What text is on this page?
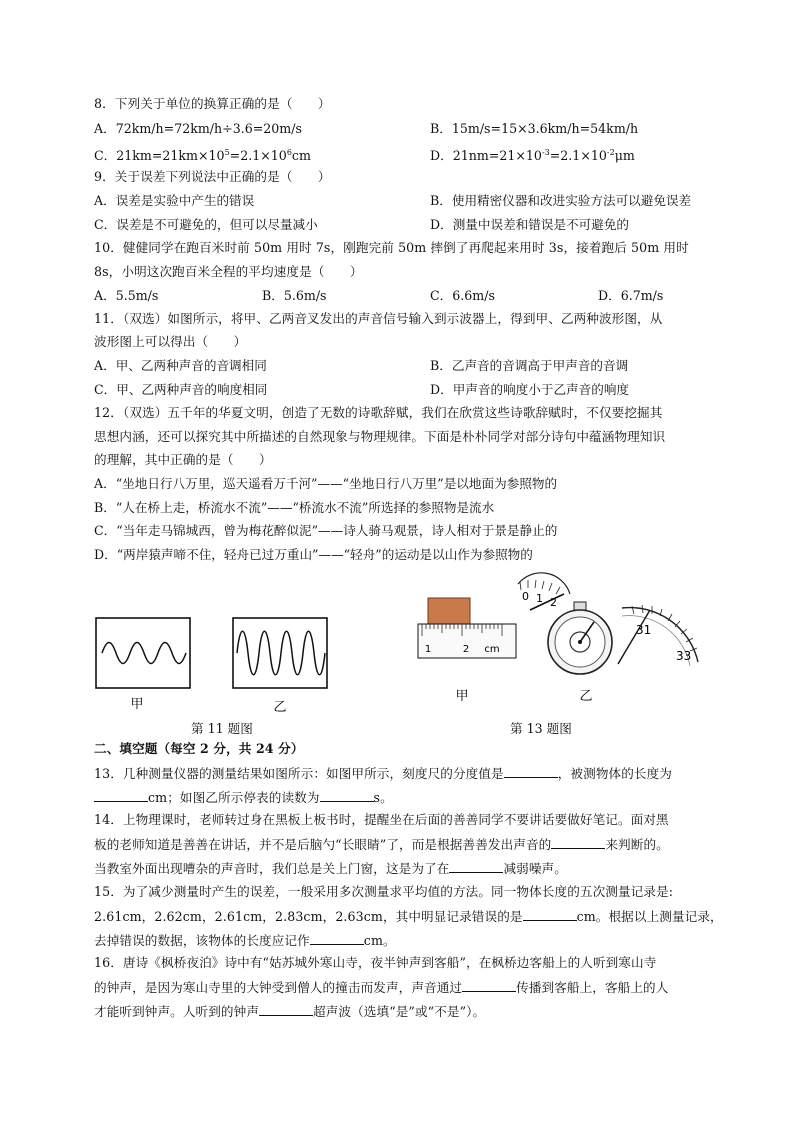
8．下列关于单位的换算正确的是（　　）
A．72km/h=72km/h÷3.6=20m/s	B．15m/s=15×3.6km/h=54km/h
C．$21km=21km\times 10^5=2.1\times 10^6cm$	D．$21nm=21\times 10^{-3}=2.1\times 10^{-2}\mu m$
9．关于误差下列说法中正确的是（　　）
A．误差是实验中产生的错误	B．使用精密仪器和改进实验方法可以避免误差
C．误差是不可避免的，但可以尽量减小	D．测量中误差和错误是不可避免的
10．健健同学在跑百米时前 50m 用时 7s，刚跑完前 50m 摔倒了再爬起来用时 3s，接着跑后 50m 用时
8s，小明这次跑百米全程的平均速度是（　　）
A．5.5m/s	B．5.6m/s	C．6.6m/s	D．6.7m/s
11．（双选）如图所示，将甲、乙两音叉发出的声音信号输入到示波器上，得到甲、乙两种波形图，从
波形图上可以得出（　　）
A．甲、乙两种声音的音调相同	B．乙声音的音调高于甲声音的音调
C．甲、乙两种声音的响度相同	D．甲声音的响度小于乙声音的响度
12．（双选）五千年的华夏文明，创造了无数的诗歌辞赋，我们在欣赏这些诗歌辞赋时，不仅要挖掘其
思想内涵，还可以探究其中所描述的自然现象与物理规律。下面是朴朴同学对部分诗句中蕴涵物理知识
的理解，其中正确的是（　　）
A．“坐地日行八万里，巡天遥看万千河”——“坐地日行八万里”是以地面为参照物的
B．“人在桥上走，桥流水不流”——“桥流水不流”所选择的参照物是流水
C．“当年走马锦城西，曾为梅花醉似泥”——诗人骑马观景，诗人相对于景是静止的
D．“两岸猿声啼不住，轻舟已过万重山”——“轻舟”的运动是以山作为参照物的
甲	乙
第 11 题图
1	2 cm
甲
0 1 2
31
33
乙
第 13 题图
二、填空题（每空 2 分，共 24 分）
13．几种测量仪器的测量结果如图所示：如图甲所示，刻度尺的分度值是	，被测物体的长度为
cm；如图乙所示停表的读数为	s。
14．上物理课时，老师转过身在黑板上板书时，提醒坐在后面的善善同学不要讲话要做好笔记。面对黑
板的老师知道是善善在讲话，并不是后脑勺“长眼睛”了，而是根据善善发出声音的	来判断的。
当教室外面出现嘈杂的声音时，我们总是关上门窗，这是为了在	减弱噪声。
15．为了减少测量时产生的误差，一般采用多次测量求平均值的方法。同一物体长度的五次测量记录是:
2.61cm，2.62cm，2.61cm，2.83cm，2.63cm，其中明显记录错误的是	cm。根据以上测量记录，
去掉错误的数据，该物体的长度应记作	cm。
16．唐诗《枫桥夜泊》诗中有“姑苏城外寒山寺，夜半钟声到客船”，在枫桥边客船上的人听到寒山寺
的钟声，是因为寒山寺里的大钟受到僧人的撞击而发声，声音通过	传播到客船上，客船上的人
才能听到钟声。人听到的钟声	超声波（选填“是”或“不是”）。
